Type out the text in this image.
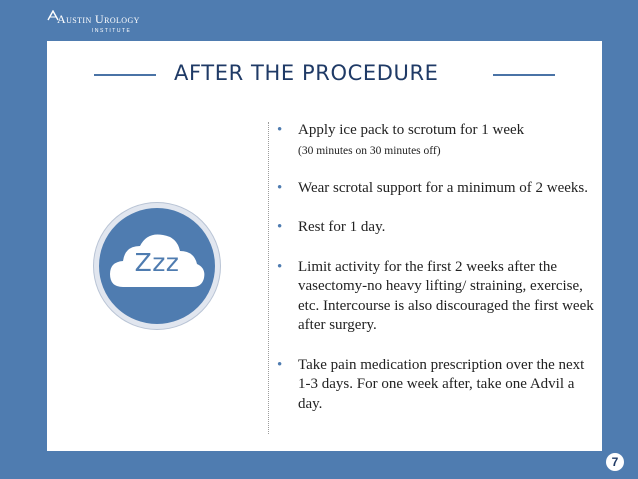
Austin Urology
INSTITUTE
AFTER THE PROCEDURE
Zzz
• Apply ice pack to scrotum for 1 week
(30 minutes on 30 minutes off)
• Wear scrotal support for a minimum of 2 weeks.
• Rest for 1 day.
• Limit activity for the first 2 weeks after the vasectomy-no heavy lifting/ straining, exercise, etc. Intercourse is also discouraged the first week after surgery.
• Take pain medication prescription over the next 1-3 days. For one week after, take one Advil a day.
7
